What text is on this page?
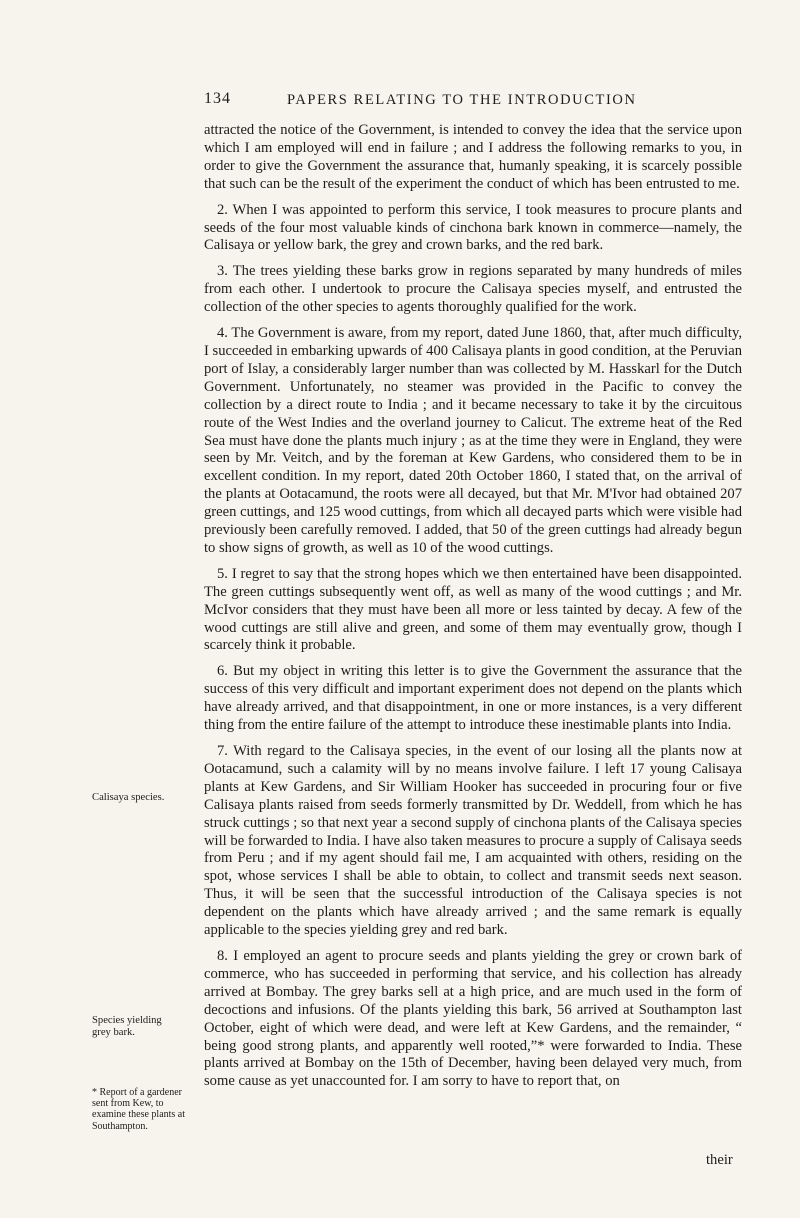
134	PAPERS RELATING TO THE INTRODUCTION

attracted the notice of the Government, is intended to convey the idea that the service upon which I am employed will end in failure ; and I address the following remarks to you, in order to give the Government the assurance that, humanly speaking, it is scarcely possible that such can be the result of the experiment the conduct of which has been entrusted to me.

2. When I was appointed to perform this service, I took measures to procure plants and seeds of the four most valuable kinds of cinchona bark known in commerce—namely, the Calisaya or yellow bark, the grey and crown barks, and the red bark.

3. The trees yielding these barks grow in regions separated by many hundreds of miles from each other. I undertook to procure the Calisaya species myself, and entrusted the collection of the other species to agents thoroughly qualified for the work.

4. The Government is aware, from my report, dated June 1860, that, after much difficulty, I succeeded in embarking upwards of 400 Calisaya plants in good condition, at the Peruvian port of Islay, a considerably larger number than was collected by M. Hasskarl for the Dutch Government. Unfortunately, no steamer was provided in the Pacific to convey the collection by a direct route to India ; and it became necessary to take it by the circuitous route of the West Indies and the overland journey to Calicut. The extreme heat of the Red Sea must have done the plants much injury ; as at the time they were in England, they were seen by Mr. Veitch, and by the foreman at Kew Gardens, who considered them to be in excellent condition. In my report, dated 20th October 1860, I stated that, on the arrival of the plants at Ootacamund, the roots were all decayed, but that Mr. M'Ivor had obtained 207 green cuttings, and 125 wood cuttings, from which all decayed parts which were visible had previously been carefully removed. I added, that 50 of the green cuttings had already begun to show signs of growth, as well as 10 of the wood cuttings.

5. I regret to say that the strong hopes which we then entertained have been disappointed. The green cuttings subsequently went off, as well as many of the wood cuttings ; and Mr. McIvor considers that they must have been all more or less tainted by decay. A few of the wood cuttings are still alive and green, and some of them may eventually grow, though I scarcely think it probable.

6. But my object in writing this letter is to give the Government the assurance that the success of this very difficult and important experiment does not depend on the plants which have already arrived, and that disappointment, in one or more instances, is a very different thing from the entire failure of the attempt to introduce these inestimable plants into India.

7. With regard to the Calisaya species, in the event of our losing all the plants now at Ootacamund, such a calamity will by no means involve failure. I left 17 young Calisaya plants at Kew Gardens, and Sir William Hooker has succeeded in procuring four or five Calisaya plants raised from seeds formerly transmitted by Dr. Weddell, from which he has struck cuttings ; so that next year a second supply of cinchona plants of the Calisaya species will be forwarded to India. I have also taken measures to procure a supply of Calisaya seeds from Peru ; and if my agent should fail me, I am acquainted with others, residing on the spot, whose services I shall be able to obtain, to collect and transmit seeds next season. Thus, it will be seen that the successful introduction of the Calisaya species is not dependent on the plants which have already arrived ; and the same remark is equally applicable to the species yielding grey and red bark.

8. I employed an agent to procure seeds and plants yielding the grey or crown bark of commerce, who has succeeded in performing that service, and his collection has already arrived at Bombay. The grey barks sell at a high price, and are much used in the form of decoctions and infusions. Of the plants yielding this bark, 56 arrived at Southampton last October, eight of which were dead, and were left at Kew Gardens, and the remainder, “ being good strong plants, and apparently well rooted,”* were forwarded to India. These plants arrived at Bombay on the 15th of December, having been delayed very much, from some cause as yet unaccounted for. I am sorry to have to report that, on

Calisaya species.
Species yielding grey bark.
* Report of a gardener sent from Kew, to examine these plants at Southampton.
their
